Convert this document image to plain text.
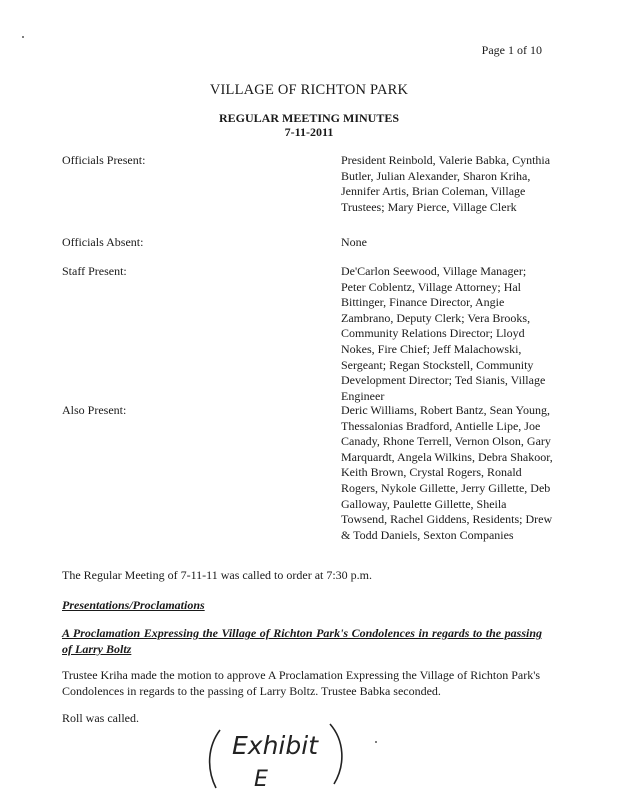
Page 1 of 10
VILLAGE OF RICHTON PARK
REGULAR MEETING MINUTES
7-11-2011
Officials Present:	President Reinbold, Valerie Babka, Cynthia Butler, Julian Alexander, Sharon Kriha, Jennifer Artis, Brian Coleman, Village Trustees; Mary Pierce, Village Clerk
Officials Absent:	None
Staff Present:	De'Carlon Seewood, Village Manager; Peter Coblentz, Village Attorney; Hal Bittinger, Finance Director, Angie Zambrano, Deputy Clerk; Vera Brooks, Community Relations Director; Lloyd Nokes, Fire Chief; Jeff Malachowski, Sergeant; Regan Stockstell, Community Development Director; Ted Sianis, Village Engineer
Also Present:	Deric Williams, Robert Bantz, Sean Young, Thessalonias Bradford, Antielle Lipe, Joe Canady, Rhone Terrell, Vernon Olson, Gary Marquardt, Angela Wilkins, Debra Shakoor, Keith Brown, Crystal Rogers, Ronald Rogers, Nykole Gillette, Jerry Gillette, Deb Galloway, Paulette Gillette, Sheila Towsend, Rachel Giddens, Residents; Drew & Todd Daniels, Sexton Companies
The Regular Meeting of 7-11-11 was called to order at 7:30 p.m.
Presentations/Proclamations
A Proclamation Expressing the Village of Richton Park's Condolences in regards to the passing of Larry Boltz
Trustee Kriha made the motion to approve A Proclamation Expressing the Village of Richton Park's Condolences in regards to the passing of Larry Boltz. Trustee Babka seconded.
Roll was called.
Exhibit
E
